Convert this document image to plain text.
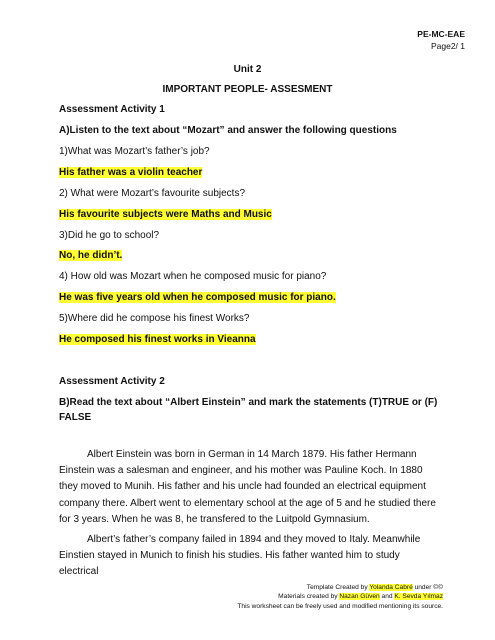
PE-MC-EAE
Page2/ 1
Unit 2
IMPORTANT PEOPLE- ASSESMENT
Assessment Activity 1
A)Listen to the text about “Mozart” and answer the following questions
1)What was Mozart’s father’s job?
His father was a violin teacher
2) What were Mozart’s favourite subjects?
His favourite subjects were Maths and Music
3)Did he go to school?
No, he didn’t.
4) How old was Mozart when he composed music for piano?
He was five years old when he composed music for piano.
5)Where did he compose his finest Works?
He composed his finest works in Vieanna
Assessment Activity 2
B)Read the text about “Albert Einstein” and mark the statements (T)TRUE or (F)
FALSE

Albert Einstein was born in German in 14 March 1879. His father Hermann Einstein was a salesman and engineer, and his mother was Pauline Koch. In 1880 they moved to Munih. His father and his uncle had founded an electrical equipment company there. Albert went to elementary school at the age of 5 and he studied there for 3 years. When he was 8, he transfered to the Luitpold Gymnasium.

Albert’s father’s company failed in 1894 and they moved to Italy. Meanwhile Einstien stayed in Munich to finish his studies. His father wanted him to study electrical

Template Created by Yolanda Cabré under ©©
Materials created by Nazan Güven and K. Sevda Yılmaz
This worksheet can be freely used and modified mentioning its source.
